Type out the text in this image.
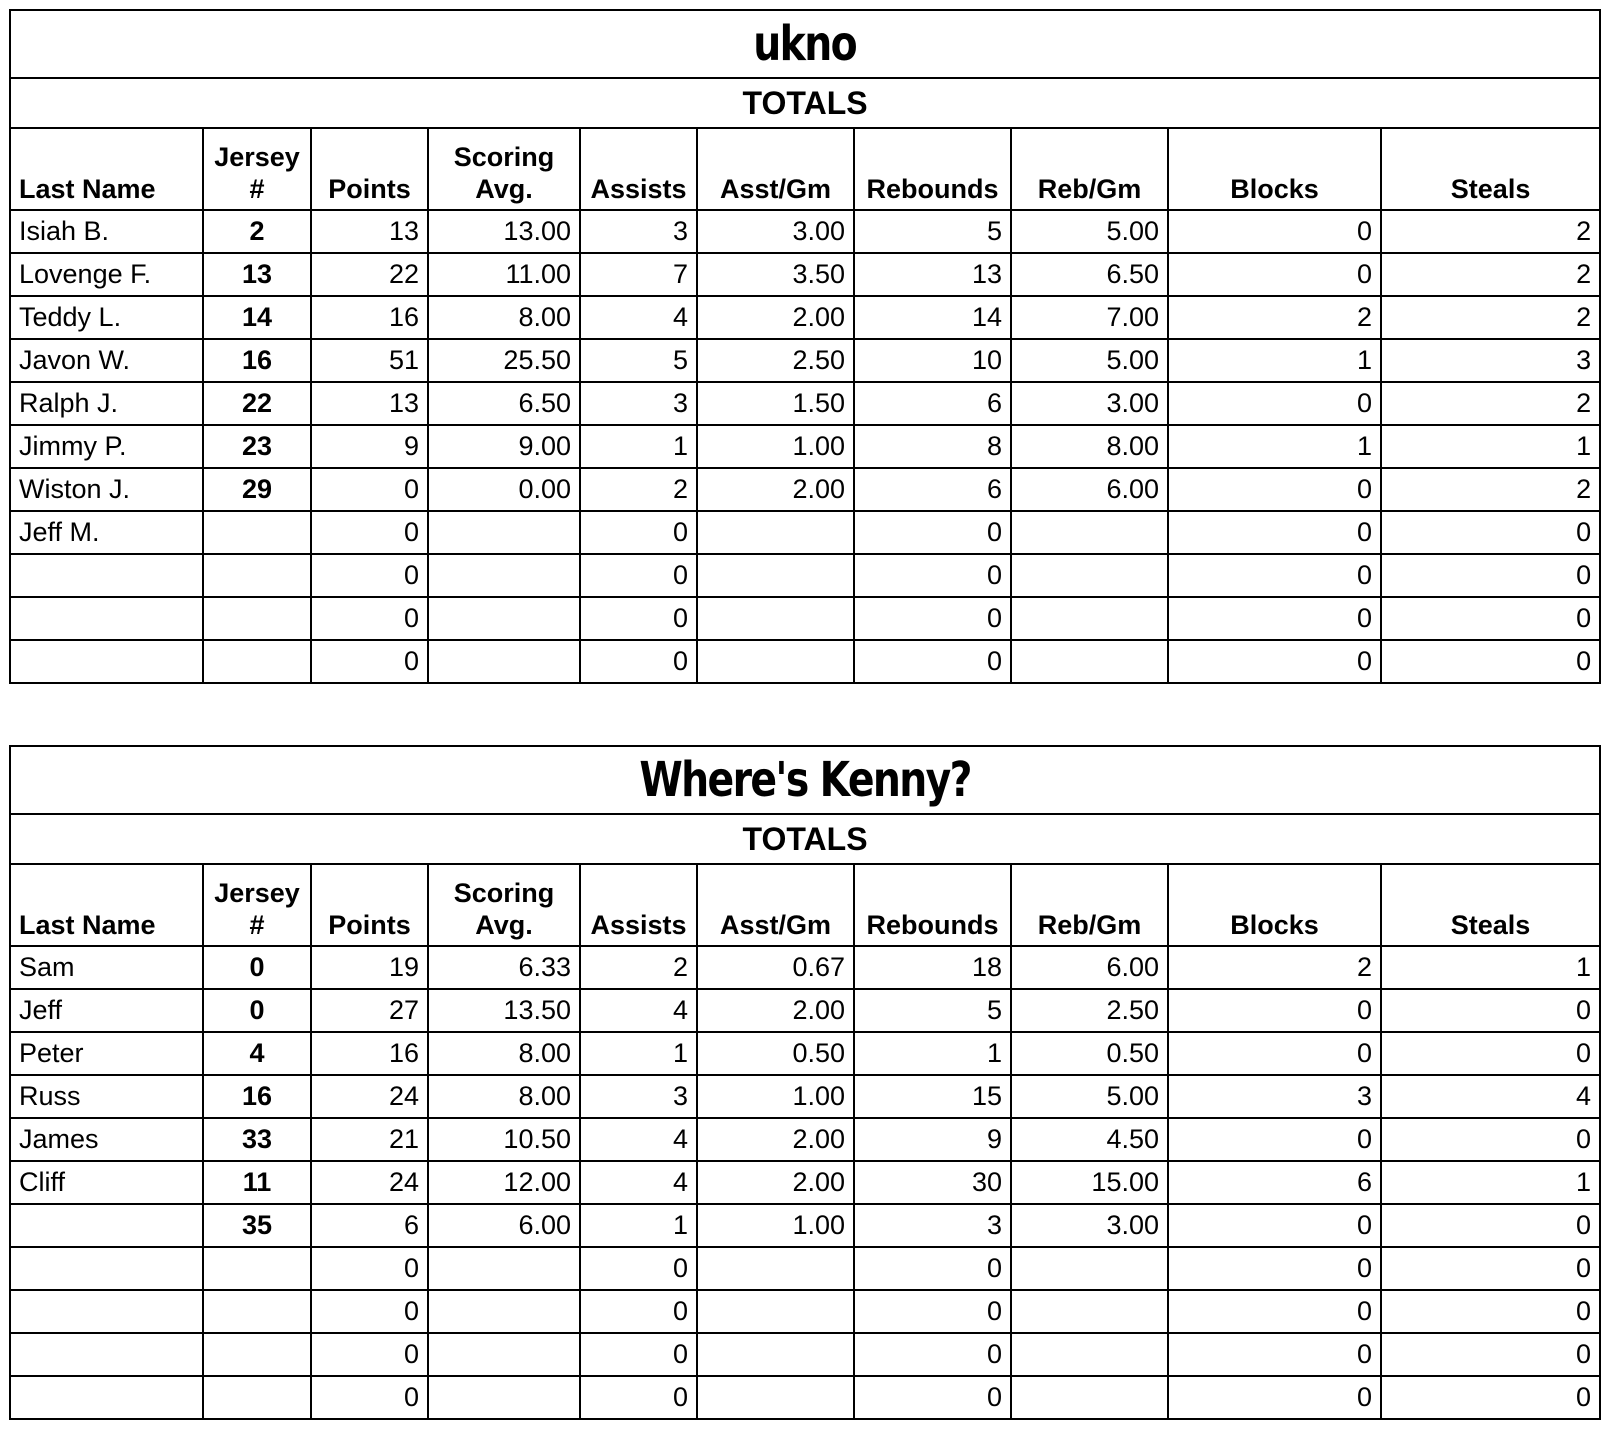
ukno									
TOTALS									
Last Name	Jersey #	Points	Scoring Avg.	Assists	Asst/Gm	Rebounds	Reb/Gm	Blocks	Steals
Isiah B.	2	13	13.00	3	3.00	5	5.00	0	2
Lovenge F.	13	22	11.00	7	3.50	13	6.50	0	2
Teddy L.	14	16	8.00	4	2.00	14	7.00	2	2
Javon W.	16	51	25.50	5	2.50	10	5.00	1	3
Ralph J.	22	13	6.50	3	1.50	6	3.00	0	2
Jimmy P.	23	9	9.00	1	1.00	8	8.00	1	1
Wiston J.	29	0	0.00	2	2.00	6	6.00	0	2
Jeff M.		0		0		0		0	0
		0		0		0		0	0
		0		0		0		0	0
		0		0		0		0	0
Where's Kenny?									
TOTALS									
Last Name	Jersey #	Points	Scoring Avg.	Assists	Asst/Gm	Rebounds	Reb/Gm	Blocks	Steals
Sam	0	19	6.33	2	0.67	18	6.00	2	1
Jeff	0	27	13.50	4	2.00	5	2.50	0	0
Peter	4	16	8.00	1	0.50	1	0.50	0	0
Russ	16	24	8.00	3	1.00	15	5.00	3	4
James	33	21	10.50	4	2.00	9	4.50	0	0
Cliff	11	24	12.00	4	2.00	30	15.00	6	1
	35	6	6.00	1	1.00	3	3.00	0	0
		0		0		0		0	0
		0		0		0		0	0
		0		0		0		0	0
		0		0		0		0	0
